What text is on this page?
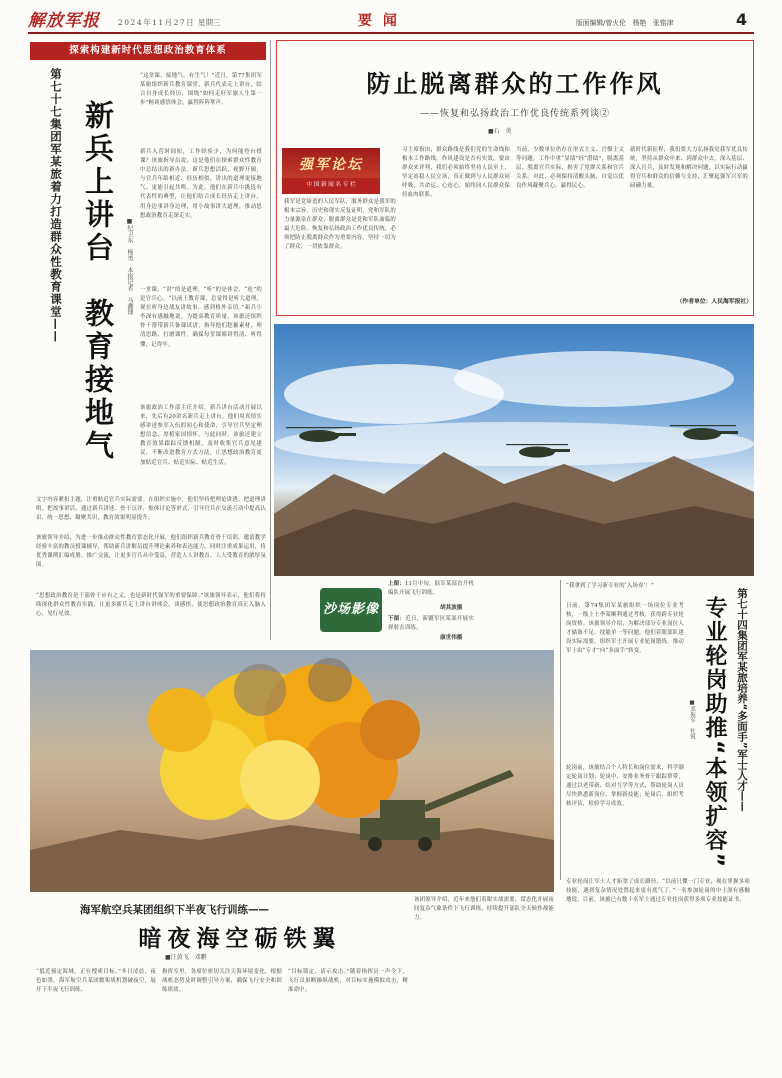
解放军报	2024年11月27日 星期三	要 闻	版面编辑/曾火伦　杨艳　张铭津	4
探索构建新时代思想政治教育体系
第七十七集团军某旅着力打造群众性教育课堂—— 新兵上讲台　教育接地气	■纪卫东　杨勇　本报记者　马鑫博
“这堂课，接地气，有生气！”近日，第77集团军某旅组织新兵教育课堂，新兵代表走上讲台，结合自身成长经历，围绕“如何走好军旅人生第一步”畅谈感悟体会，赢得阵阵掌声。
新兵入营时间短，工作经验少，为何能登台授课？该旅指导员说，这是他们在探索群众性教育中总结出的新办法。新兵思想活跃，视野开阔，与官兵年龄相近、经历相似，讲出的道理更接地气、更能引起共鸣。为此，他们在新兵中挑选有代表性的典型，让他们结合成长经历走上讲台，用身边事讲身边理，用小故事讲大道理，推动思想政治教育走深走实。
一堂课，“讲”的是道理，“听”的是体会，“连”的是官兵心。“以前上教育课，总觉得是听大道理，现在听身边战友讲故事，感到格外亲切。”新兵小李深有感触地说。为提高教育质量，该旅还组织骨干帮带新兵备课试讲，指导他们挖掘素材、理清思路、打磨课件，确保每堂课都讲得清、听得懂、记得牢。
该旅政治工作部主任介绍，新兵讲台活动开展以来，先后有20余名新兵走上讲台，他们用真情实感讲述参军入伍的初心和使命，引导官兵坚定理想信念、厚植家国情怀。与此同时，该旅还建立教育效果跟踪反馈机制，及时收集官兵意见建议，不断改进教育方式方法，让思想政治教育更加贴近官兵、贴近实际、贴近生活。
文字内容紧扣主题，注重贴近官兵实际需要。在组织实施中，他们坚持把理论讲透、把道理讲明、把故事讲活，通过新兵讲述、骨干点评、集体讨论等形式，引导官兵在交流互动中提高认识、统一思想、凝聚共识，教育效果明显提升。
该旅领导介绍，为进一步推动群众性教育常态化开展，他们组织新兵教育骨干培训，邀请教学经验丰富的教员授课辅导，帮助新兵讲解员提升理论素养和表达能力。同时注重成果运用，将优秀课例汇编成册、推广交流，让更多官兵从中受益，营造人人讲教育、人人受教育的浓厚氛围。
“思想政治教育是干部骨干应有之义，也是新时代强军的重要保障。”该旅领导表示，他们将持续深化群众性教育实践，让更多新兵走上讲台讲体会、谈感悟，使思想政治教育真正入脑入心、见行见效。
防止脱离群众的工作作风
——恢复和弘扬政治工作优良传统系列谈②
■石　炎
强军论坛
中 国 新 闻 名 专 栏
我军是党缔造的人民军队，服务群众是我军的根本宗旨。历史和现实反复证明，党和军队的力量源泉在群众，脱离群众是党和军队面临的最大危险。恢复和弘扬政治工作优良传统，必须把防止脱离群众作为重要内容，坚持一切为了群众、一切依靠群众。
习主席指出，群众路线是我们党的生命线和根本工作路线。作风建设是否有实效，要由群众来评判，我们必须始终坚持人民至上，坚定站稳人民立场，真正做到与人民群众同呼吸、共命运、心连心，始终同人民群众保持血肉联系。
当前，少数单位仍存在形式主义、官僚主义等问题，工作中重“显绩”轻“潜绩”，脱离基层、脱离官兵实际，损害了党群关系和官兵关系。对此，必须保持清醒头脑，自觉以优良作风凝聚兵心、赢得民心。
新时代新征程，我们要大力弘扬我党我军优良传统，坚持从群众中来、到群众中去，深入基层、深入官兵，及时发现和解决问题，以实际行动赢得官兵和群众的信赖与支持，汇聚起强军兴军的磅礴力量。
（作者单位：人民海军报社）
沙场影像
上图：11月中旬，陆军某部直升机编队开展飞行训练。
胡其波摄
下图：近日，新疆军区某部开展实弹射击训练。
康世伟摄
“我拿到了学习新专业的‘入场券’！”
日前，第74集团军某旅组织一场岗位专业考核，一级上士李某顺利通过考核，获得跨专业轮岗资格。该旅领导介绍，为解决部分专业岗位人才储备不足、技能单一等问题，他们着眼部队建设实际需要，组织军士开展专业轮岗锻炼，推动军士由“专才”向“多面手”转变。
轮岗前，该旅结合个人特长和岗位需求，科学制定轮岗计划；轮岗中，安排业务骨干跟踪帮带，通过以老带新、结对互学等方式，帮助轮岗人员尽快熟悉新岗位、掌握新技能；轮岗后，组织考核评估，检验学习成效。
专业轮岗让军士人才拓宽了成长路径。“以前只懂一门专业，现在掌握多项技能，遇到复杂情况处置起来更有底气了。”一名参加轮岗的中士深有感触地说。目前，该旅已有数十名军士通过专业轮岗获得多项专业技能证书。
第七十四集团军某旅培养“多面手”军士人才——
专业轮岗助推“本领扩容”
■邓振军　杜锐
海军航空兵某团组织下半夜飞行训练——
暗夜海空砺铁翼
■汪黄飞　邓鹏
“抵近预定海域，正在搜索目标。”冬日凌晨，夜色如墨，海军航空兵某团数架战机划破夜空，展开下半夜飞行训练。
指挥室里，各席位密切关注天海环境变化，根据战机态势及时调整引导方案，确保飞行安全和训练质效。
“目标锁定，请示攻击。”随着指挥员一声令下，飞行员果断操纵战机，对目标实施模拟攻击，精准命中。
该团领导介绍，近年来他们着眼实战需要，常态化开展夜间复杂气象条件下飞行训练，持续提升部队全天候作战能力。
